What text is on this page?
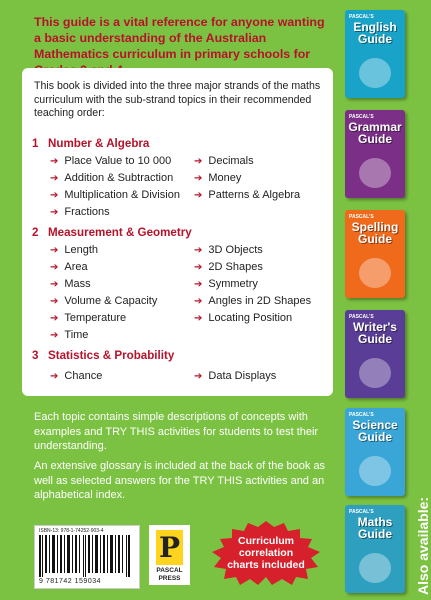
This guide is a vital reference for anyone wanting a basic understanding of the Australian Mathematics curriculum in primary schools for
This book is divided into the three major strands of the maths curriculum with the sub-strand topics in their recommended teaching order:
1 Number & Algebra
➔ Place Value to 10 000
➔ Addition & Subtraction
➔ Multiplication & Division
➔ Fractions
➔ Decimals
➔ Money
➔ Patterns & Algebra
2 Measurement & Geometry
➔ Length
➔ Area
➔ Mass
➔ Volume & Capacity
➔ Temperature
➔ Time
➔ 3D Objects
➔ 2D Shapes
➔ Symmetry
➔ Angles in 2D Shapes
➔ Locating Position
3 Statistics & Probability
➔ Chance	➔ Data Displays
Each topic contains simple descriptions of concepts with examples and TRY THIS activities for students to test their understanding.
An extensive glossary is included at the back of the book as well as selected answers for the TRY THIS activities and an alphabetical index.
ISBN-13: 978-1-74252-903-4
9 781742 159034
P
PASCAL PRESS
Curriculum correlation charts included
PASCAL'S
English
Guide
PASCAL'S
Grammar
Guide
PASCAL'S
Spelling
Guide
PASCAL'S
Writer's
Guide
PASCAL'S
Science
Guide
PASCAL'S
Maths
Guide	Also available:
